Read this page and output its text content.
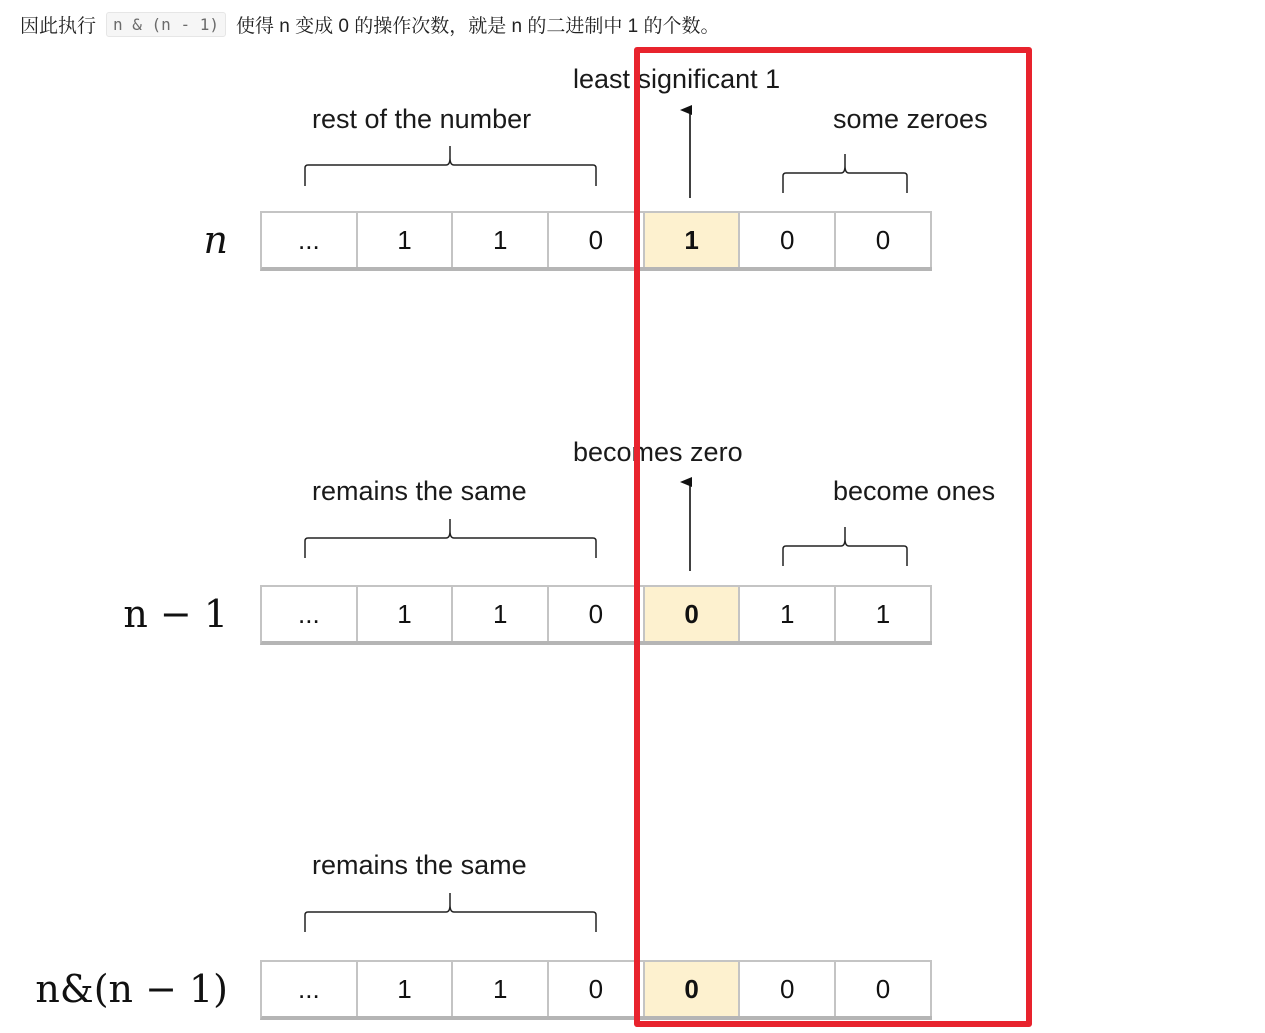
因此执行	n & (n - 1) 使得 n 变成 0 的操作次数，就是 n 的二进制中 1 的个数。
rest of the number
least significant 1
some zeroes
n	...	1	1	0	1	0	0
remains the same
becomes zero
become ones
n − 1	...	1	1	0	0	1	1
remains the same
n&(n − 1)	...	1	1	0	0	0	0
